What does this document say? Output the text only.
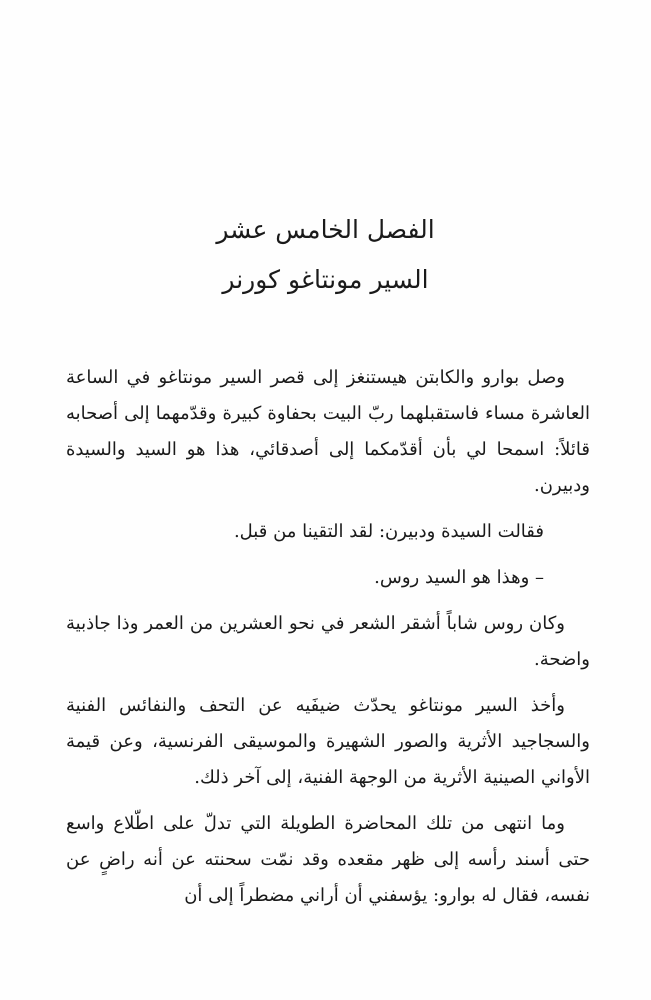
الفصل الخامس عشر
السير مونتاغو كورنر

وصل بوارو والكابتن هيستنغز إلى قصر السير مونتاغو في الساعة العاشرة مساء فاستقبلهما ربّ البيت بحفاوة كبيرة وقدّمهما إلى أصحابه قائلاً: اسمحا لي بأن أقدّمكما إلى أصدقائي، هذا هو السيد والسيدة ودبيرن.

فقالت السيدة ودبيرن: لقد التقينا من قبل.

– وهذا هو السيد روس.

وكان روس شاباً أشقر الشعر في نحو العشرين من العمر وذا جاذبية واضحة.

وأخذ السير مونتاغو يحدّث ضيفَيه عن التحف والنفائس الفنية والسجاجيد الأثرية والصور الشهيرة والموسيقى الفرنسية، وعن قيمة الأواني الصينية الأثرية من الوجهة الفنية، إلى آخر ذلك.

وما انتهى من تلك المحاضرة الطويلة التي تدلّ على اطّلاع واسع حتى أسند رأسه إلى ظهر مقعده وقد نمّت سحنته عن أنه راضٍ عن نفسه، فقال له بوارو: يؤسفني أن أراني مضطراً إلى أن
